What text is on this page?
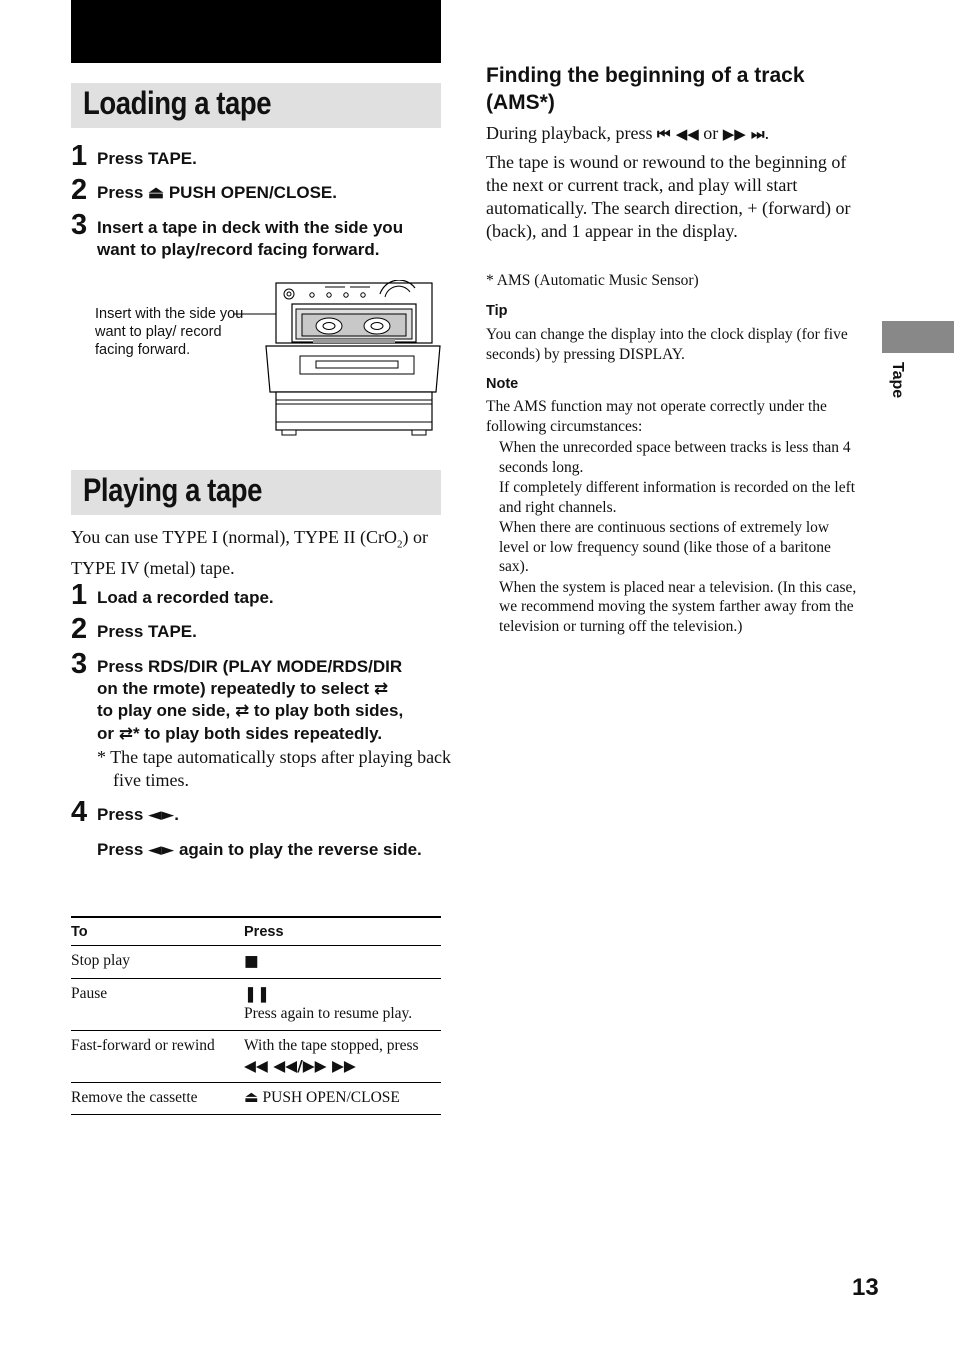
Loading a tape
1 Press TAPE.
2 Press ⏏ PUSH OPEN/CLOSE.
3 Insert a tape in deck with the side you want to play/record facing forward.
Insert with the side you want to play/ record facing forward.
Playing a tape
You can use TYPE I (normal), TYPE II (CrO$_2$) or TYPE IV (metal) tape.
1 Load a recorded tape.
2 Press TAPE.
3 Press RDS/DIR (PLAY MODE/RDS/DIR
on the rmote) repeatedly to select ⇄
to play one side, ⇄ to play both sides,
or ⇄* to play both sides repeatedly.
* The tape automatically stops after playing back five times.
4 Press ◄►.
Press ◄► again to play the reverse side.
To	Press
Stop play	■
Pause	❚❚
Press again to resume play.

Fast-forward or rewind	With the tape stopped, press
◀◀ ◀◀/▶▶ ▶▶

Remove the cassette	⏏ PUSH OPEN/CLOSE
Finding the beginning of a track (AMS*)
During playback, press ⏮ ◀◀ or ▶▶ ⏭.
The tape is wound or rewound to the beginning of the next or current track, and play will start automatically. The search direction, + (forward) or (back), and 1 appear in the display.
* AMS (Automatic Music Sensor)
Tip
You can change the display into the clock display (for five seconds) by pressing DISPLAY.
Note
The AMS function may not operate correctly under the following circumstances:
When the unrecorded space between tracks is less than 4 seconds long.
If completely different information is recorded on the left and right channels.
When there are continuous sections of extremely low level or low frequency sound (like those of a baritone sax).
When the system is placed near a television. (In this case, we recommend moving the system farther away from the television or turning off the television.)
Tape
13
